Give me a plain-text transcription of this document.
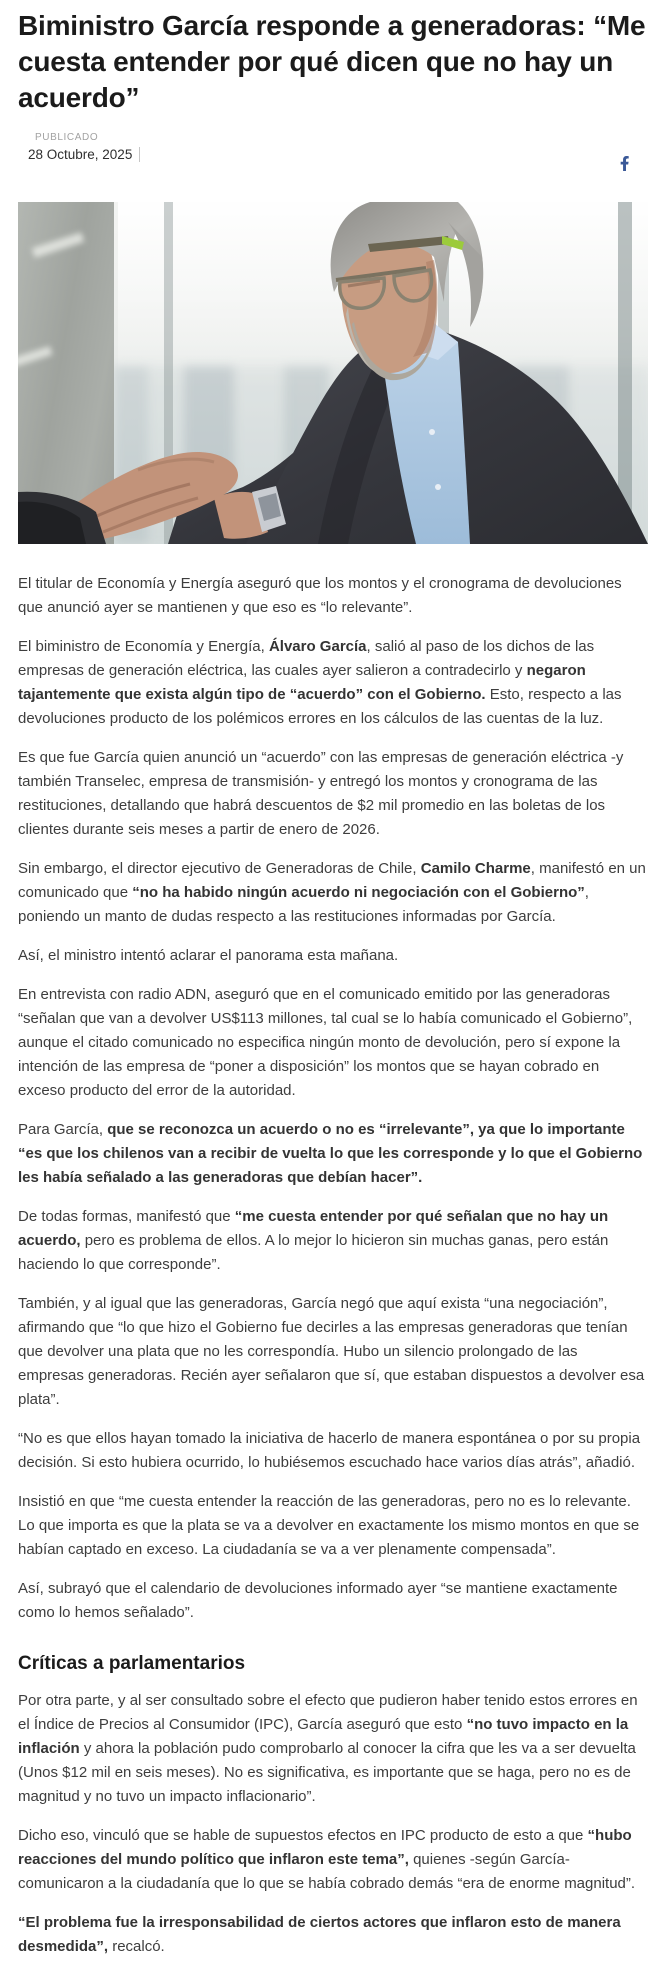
Biministro García responde a generadoras: “Me cuesta entender por qué dicen que no hay un acuerdo”
PUBLICADO
28 Octubre, 2025

El titular de Economía y Energía aseguró que los montos y el cronograma de devoluciones que anunció ayer se mantienen y que eso es “lo relevante”.

El biministro de Economía y Energía, Álvaro García, salió al paso de los dichos de las empresas de generación eléctrica, las cuales ayer salieron a contradecirlo y negaron tajantemente que exista algún tipo de “acuerdo” con el Gobierno. Esto, respecto a las devoluciones producto de los polémicos errores en los cálculos de las cuentas de la luz.

Es que fue García quien anunció un “acuerdo” con las empresas de generación eléctrica -y también Transelec, empresa de transmisión- y entregó los montos y cronograma de las restituciones, detallando que habrá descuentos de $2 mil promedio en las boletas de los clientes durante seis meses a partir de enero de 2026.

Sin embargo, el director ejecutivo de Generadoras de Chile, Camilo Charme, manifestó en un comunicado que “no ha habido ningún acuerdo ni negociación con el Gobierno”, poniendo un manto de dudas respecto a las restituciones informadas por García.

Así, el ministro intentó aclarar el panorama esta mañana.

En entrevista con radio ADN, aseguró que en el comunicado emitido por las generadoras “señalan que van a devolver US$113 millones, tal cual se lo había comunicado el Gobierno”, aunque el citado comunicado no especifica ningún monto de devolución, pero sí expone la intención de las empresa de “poner a disposición” los montos que se hayan cobrado en exceso producto del error de la autoridad.

Para García, que se reconozca un acuerdo o no es “irrelevante”, ya que lo importante “es que los chilenos van a recibir de vuelta lo que les corresponde y lo que el Gobierno les había señalado a las generadoras que debían hacer”.

De todas formas, manifestó que “me cuesta entender por qué señalan que no hay un acuerdo, pero es problema de ellos. A lo mejor lo hicieron sin muchas ganas, pero están haciendo lo que corresponde”.

También, y al igual que las generadoras, García negó que aquí exista “una negociación”, afirmando que “lo que hizo el Gobierno fue decirles a las empresas generadoras que tenían que devolver una plata que no les correspondía. Hubo un silencio prolongado de las empresas generadoras. Recién ayer señalaron que sí, que estaban dispuestos a devolver esa plata”.

“No es que ellos hayan tomado la iniciativa de hacerlo de manera espontánea o por su propia decisión. Si esto hubiera ocurrido, lo hubiésemos escuchado hace varios días atrás”, añadió.

Insistió en que “me cuesta entender la reacción de las generadoras, pero no es lo relevante. Lo que importa es que la plata se va a devolver en exactamente los mismo montos en que se habían captado en exceso. La ciudadanía se va a ver plenamente compensada”.

Así, subrayó que el calendario de devoluciones informado ayer “se mantiene exactamente como lo hemos señalado”.

Críticas a parlamentarios

Por otra parte, y al ser consultado sobre el efecto que pudieron haber tenido estos errores en el Índice de Precios al Consumidor (IPC), García aseguró que esto “no tuvo impacto en la inflación y ahora la población pudo comprobarlo al conocer la cifra que les va a ser devuelta (Unos $12 mil en seis meses). No es significativa, es importante que se haga, pero no es de magnitud y no tuvo un impacto inflacionario”.

Dicho eso, vinculó que se hable de supuestos efectos en IPC producto de esto a que “hubo reacciones del mundo político que inflaron este tema”, quienes -según García- comunicaron a la ciudadanía que lo que se había cobrado demás “era de enorme magnitud”.

“El problema fue la irresponsabilidad de ciertos actores que inflaron esto de manera desmedida”, recalcó.
